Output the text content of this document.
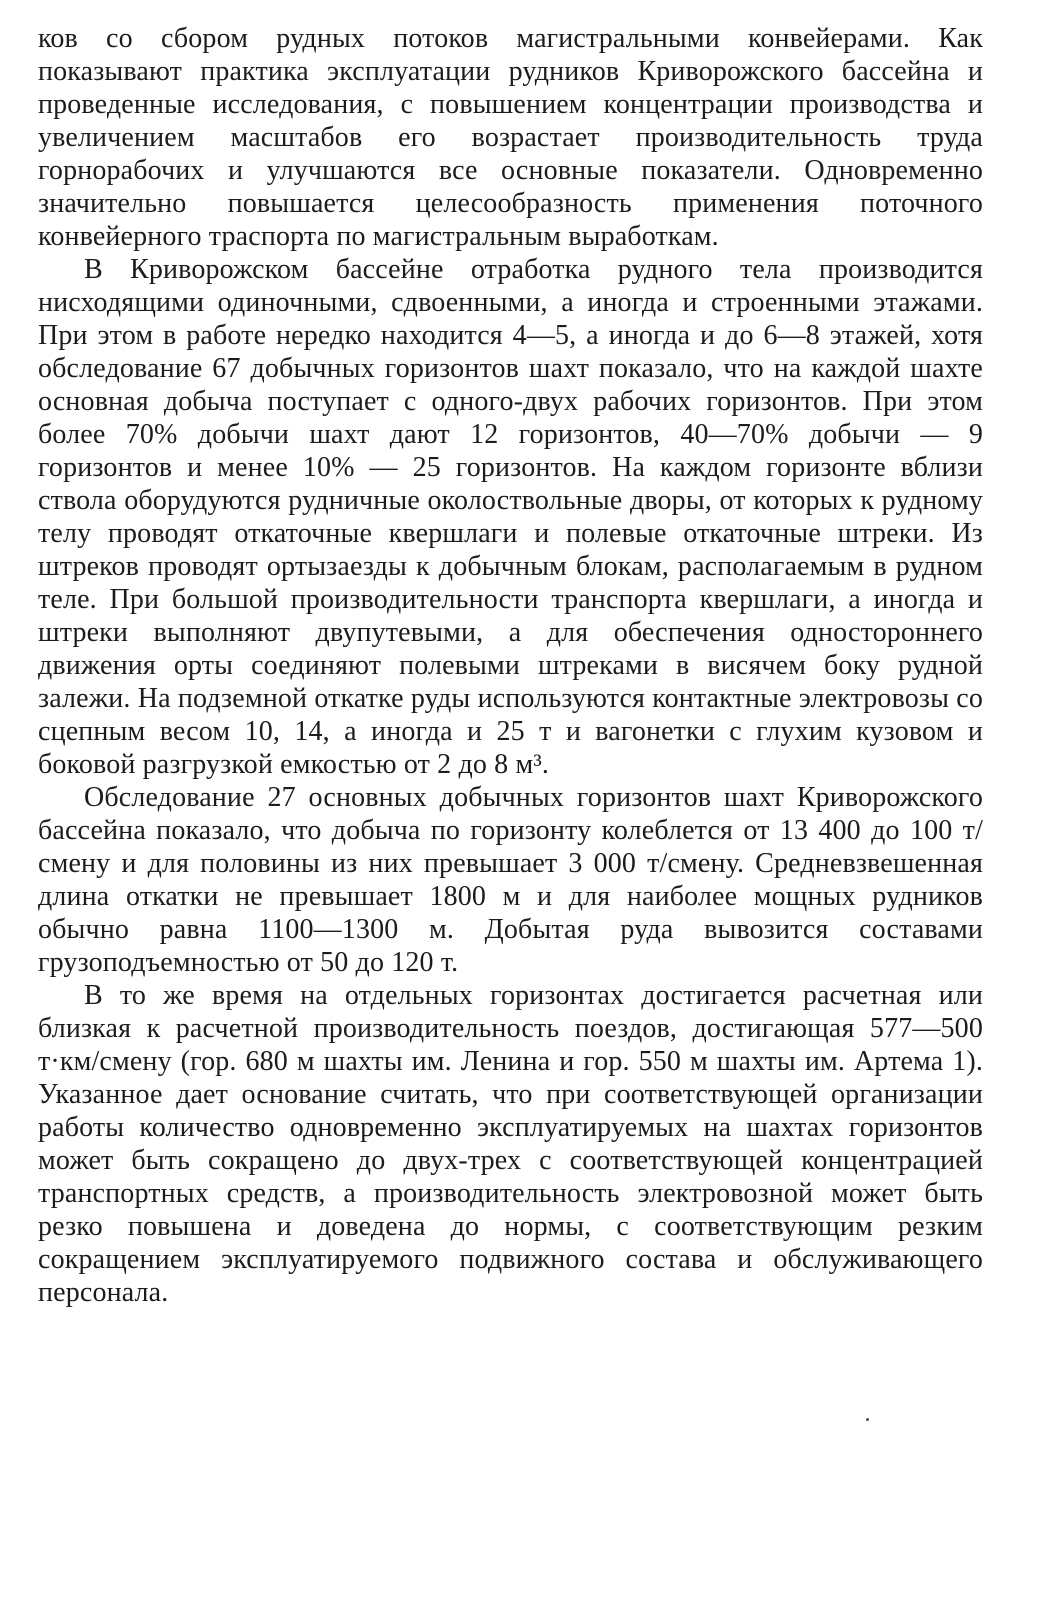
ков со сбором рудных потоков магистральными конвейерами. Как показывают практика эксплуатации рудников Криворожского бассейна и проведенные исследования, с повышением концентрации производства и увеличением масштабов его возрастает производительность труда горнорабочих и улучшаются все основные показатели. Одновременно значительно повышается целесообразность применения поточного конвейерного траспорта по магистральным выработкам.

В Криворожском бассейне отработка рудного тела производится нисходящими одиночными, сдвоенными, а иногда и строенными этажами. При этом в работе нередко находится 4—5, а иногда и до 6—8 этажей, хотя обследование 67 добычных горизонтов шахт показало, что на каждой шахте основная добыча поступает с одного-двух рабочих горизонтов. При этом более 70% добычи шахт дают 12 горизонтов, 40—70% добычи — 9 горизонтов и менее 10% — 25 горизонтов. На каждом горизонте вблизи ствола оборудуются рудничные околоствольные дворы, от которых к рудному телу проводят откаточные квершлаги и полевые откаточные штреки. Из штреков проводят ортызаезды к добычным блокам, располагаемым в рудном теле. При большой производительности транспорта квершлаги, а иногда и штреки выполняют двупутевыми, а для обеспечения одностороннего движения орты соединяют полевыми штреками в висячем боку рудной залежи. На подземной откатке руды используются контактные электровозы со сцепным весом 10, 14, а иногда и 25 т и вагонетки с глухим кузовом и боковой разгрузкой емкостью от 2 до 8 м³.

Обследование 27 основных добычных горизонтов шахт Криворожского бассейна показало, что добыча по горизонту колеблется от 13 400 до 100 т/смену и для половины из них превышает 3 000 т/смену. Средневзвешенная длина откатки не превышает 1800 м и для наиболее мощных рудников обычно равна 1100—1300 м. Добытая руда вывозится составами грузоподъемностью от 50 до 120 т.

В то же время на отдельных горизонтах достигается расчетная или близкая к расчетной производительность поездов, достигающая 577—500 т·км/смену (гор. 680 м шахты им. Ленина и гор. 550 м шахты им. Артема 1). Указанное дает основание считать, что при соответствующей организации работы количество одновременно эксплуатируемых на шахтах горизонтов может быть сокращено до двух-трех с соответствующей концентрацией транспортных средств, а производительность электровозной может быть резко повышена и доведена до нормы, с соответствующим резким сокращением эксплуатируемого подвижного состава и обслуживающего персонала.
